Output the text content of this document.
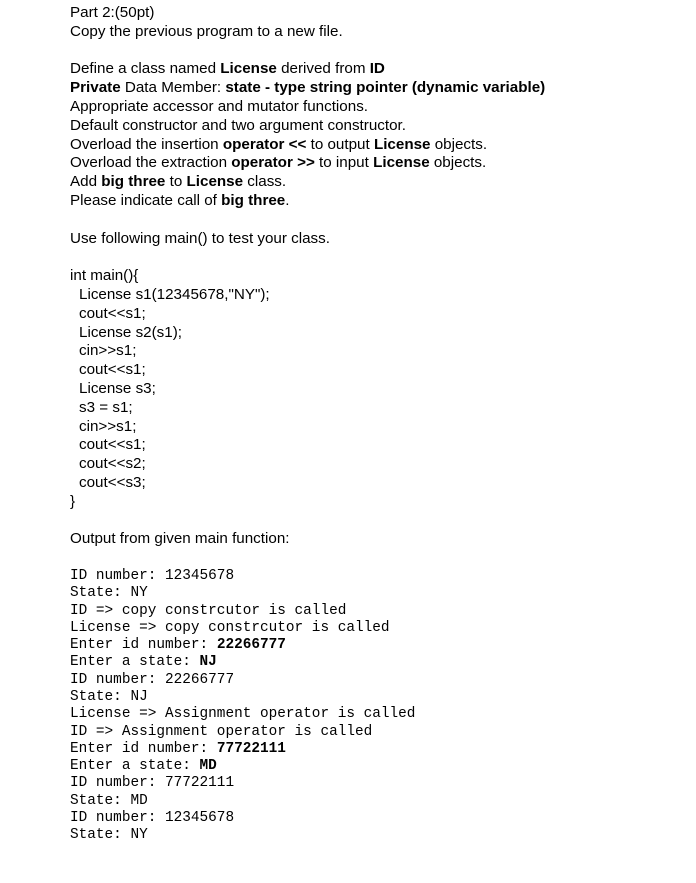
Part 2:(50pt)
Copy the previous program to a new file.
Define a class named License derived from ID
Private Data Member: state - type string pointer (dynamic variable)
Appropriate accessor and mutator functions.
Default constructor and two argument constructor.
Overload the insertion operator << to output License objects.
Overload the extraction operator >> to input License objects.
Add big three to License class.
Please indicate call of big three.
Use following main() to test your class.
int main(){
License s1(12345678,"NY");
cout<<s1;
License s2(s1);
cin>>s1;
cout<<s1;
License s3;
s3 = s1;
cin>>s1;
cout<<s1;
cout<<s2;
cout<<s3;
}
Output from given main function:
ID number: 12345678
State: NY
ID => copy constrcutor is called
License => copy constrcutor is called
Enter id number: 22266777
Enter a state: NJ
ID number: 22266777
State: NJ
License => Assignment operator is called
ID => Assignment operator is called
Enter id number: 77722111
Enter a state: MD
ID number: 77722111
State: MD
ID number: 12345678
State: NY
